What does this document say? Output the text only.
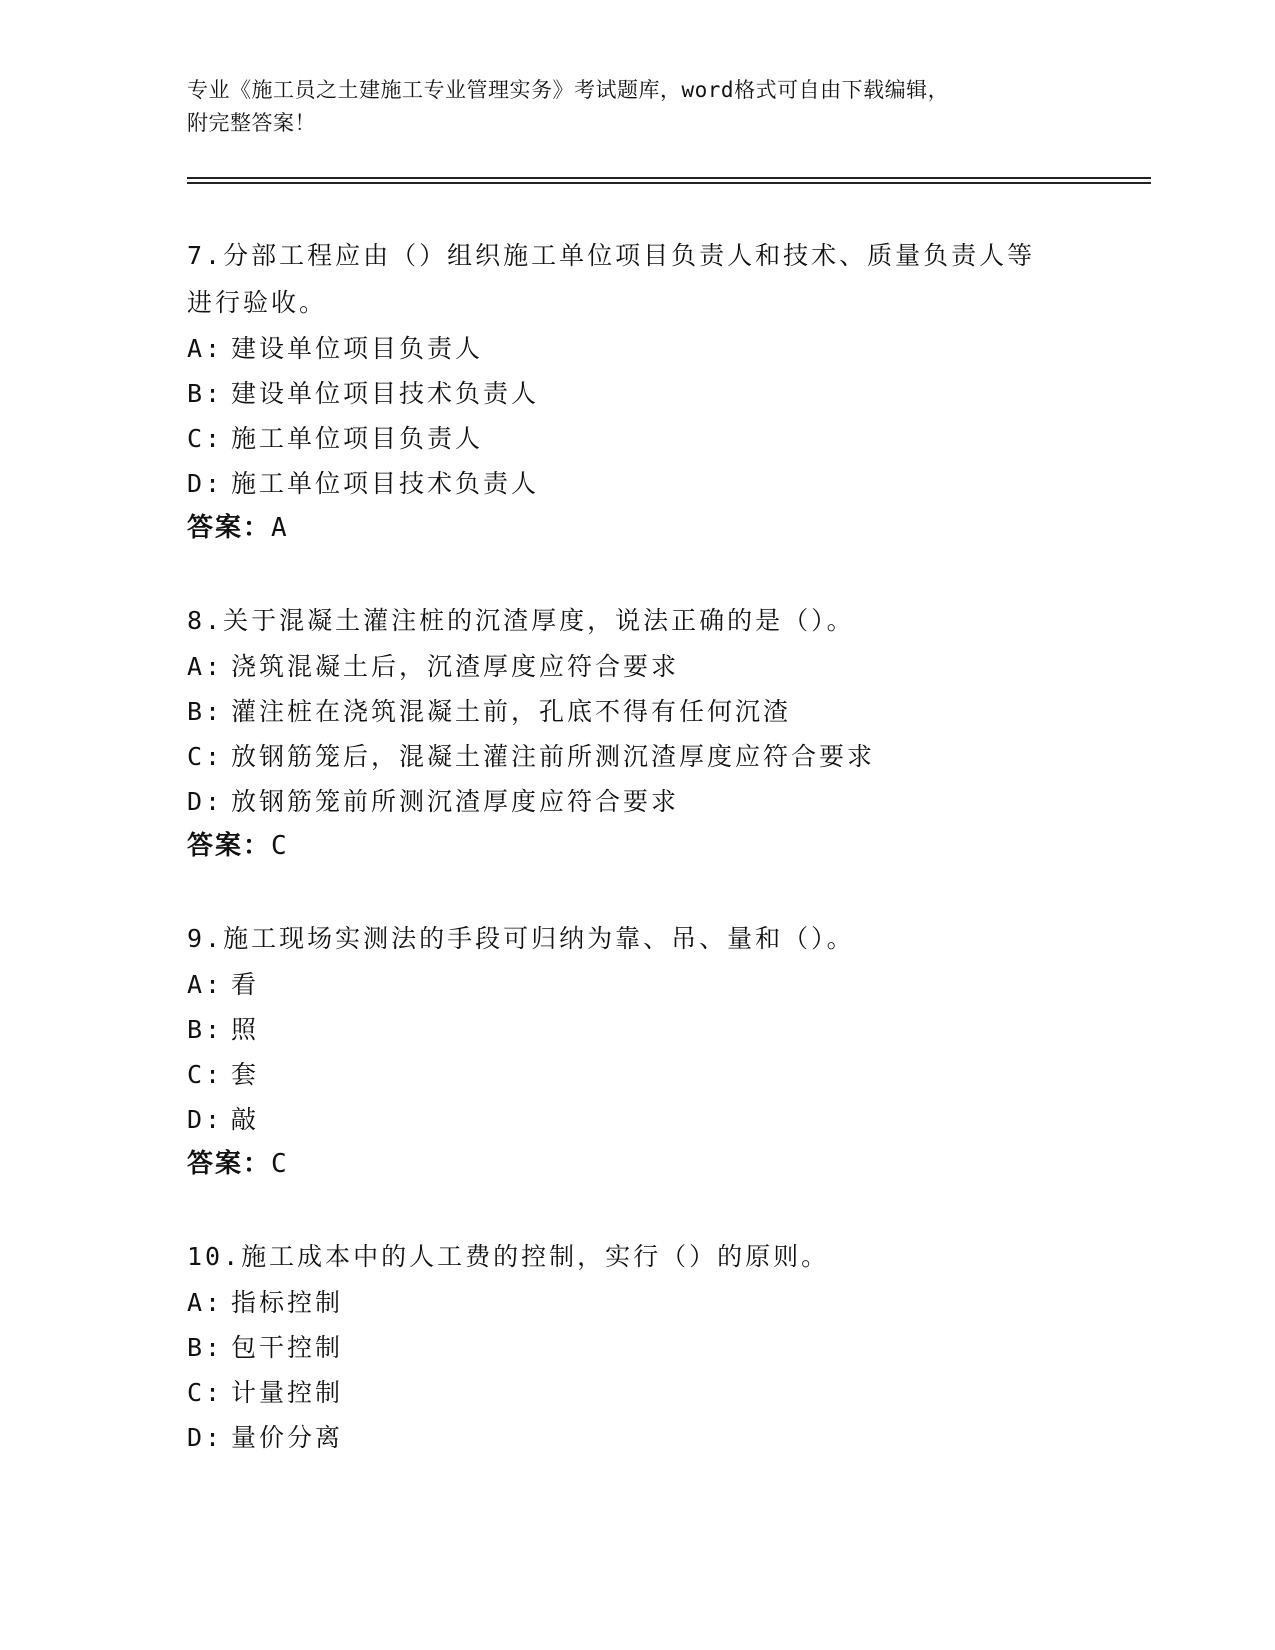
专业《施工员之土建施工专业管理实务》考试题库，word格式可自由下载编辑，
附完整答案！

7.分部工程应由（）组织施工单位项目负责人和技术、质量负责人等
进行验收。

A: 建设单位项目负责人

B: 建设单位项目技术负责人

C: 施工单位项目负责人

D: 施工单位项目技术负责人

答案：A

8.关于混凝土灌注桩的沉渣厚度，说法正确的是（）。

A: 浇筑混凝土后，沉渣厚度应符合要求

B: 灌注桩在浇筑混凝土前，孔底不得有任何沉渣

C: 放钢筋笼后，混凝土灌注前所测沉渣厚度应符合要求

D: 放钢筋笼前所测沉渣厚度应符合要求

答案：C

9.施工现场实测法的手段可归纳为靠、吊、量和（）。

A: 看

B: 照

C: 套

D: 敲

答案：C

10.施工成本中的人工费的控制，实行（）的原则。

A: 指标控制

B: 包干控制

C: 计量控制

D: 量价分离
